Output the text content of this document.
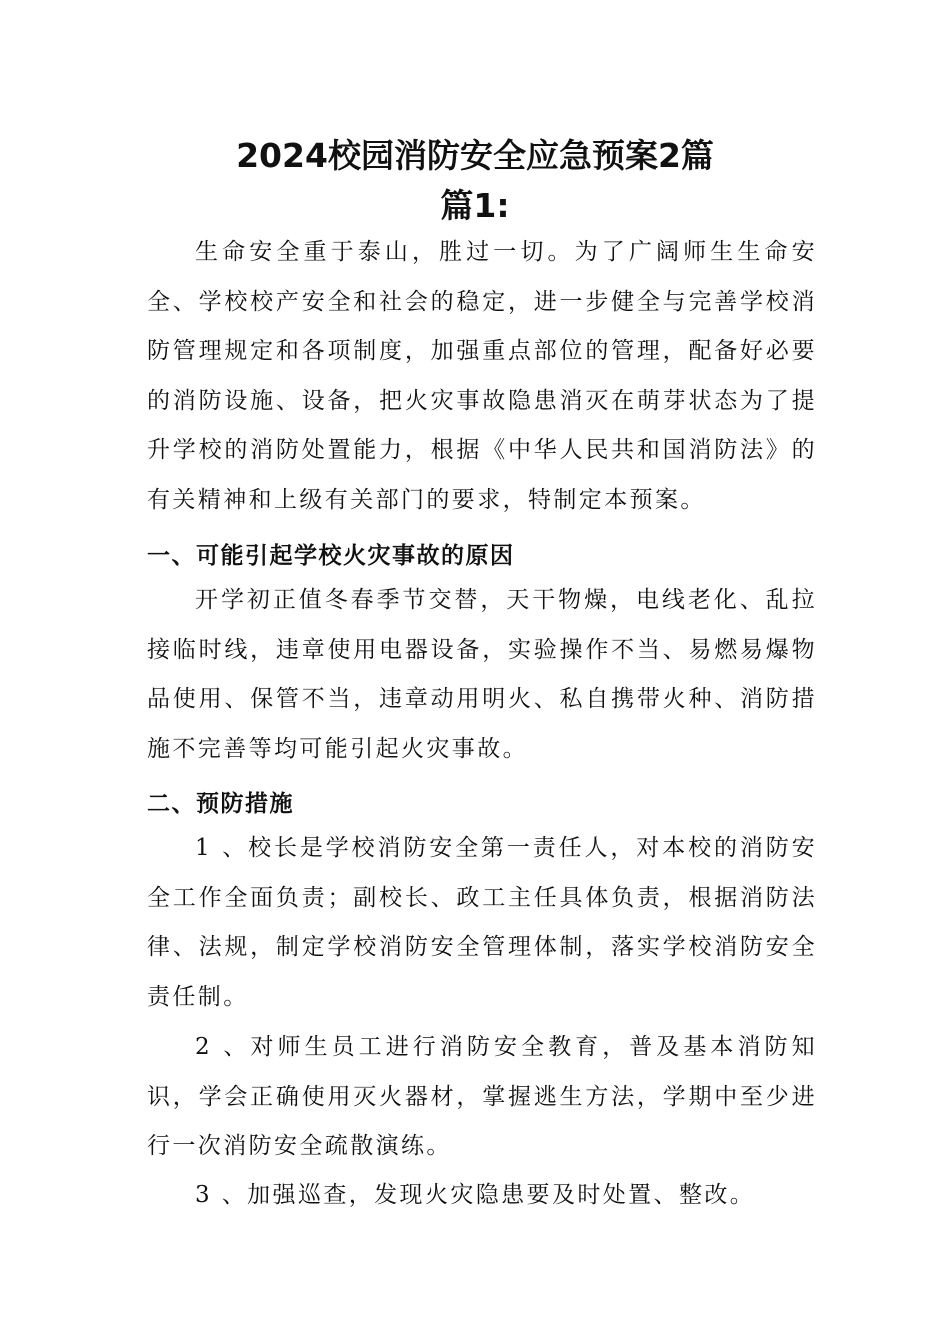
2024校园消防安全应急预案2篇
篇1:

生命安全重于泰山，胜过一切。为了广阔师生生命安全、学校校产安全和社会的稳定，进一步健全与完善学校消防管理规定和各项制度，加强重点部位的管理，配备好必要的消防设施、设备，把火灾事故隐患消灭在萌芽状态为了提升学校的消防处置能力，根据《中华人民共和国消防法》的有关精神和上级有关部门的要求，特制定本预案。

一、可能引起学校火灾事故的原因

开学初正值冬春季节交替，天干物燥，电线老化、乱拉接临时线，违章使用电器设备，实验操作不当、易燃易爆物品使用、保管不当，违章动用明火、私自携带火种、消防措施不完善等均可能引起火灾事故。

二、预防措施

1 、校长是学校消防安全第一责任人，对本校的消防安全工作全面负责；副校长、政工主任具体负责，根据消防法律、法规，制定学校消防安全管理体制，落实学校消防安全责任制。

2 、对师生员工进行消防安全教育，普及基本消防知识，学会正确使用灭火器材，掌握逃生方法，学期中至少进行一次消防安全疏散演练。

3 、加强巡查，发现火灾隐患要及时处置、整改。
